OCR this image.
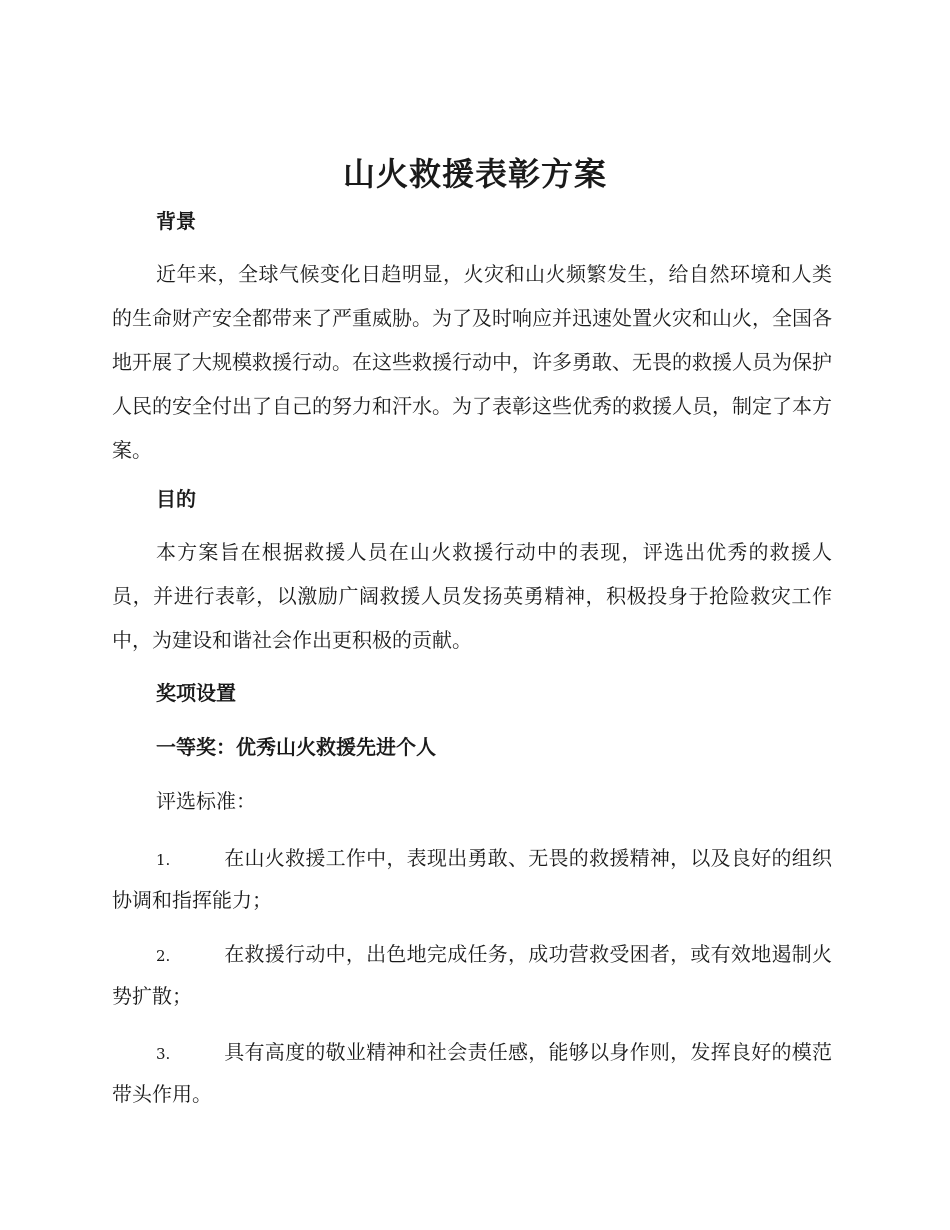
山火救援表彰方案
背景

近年来，全球气候变化日趋明显，火灾和山火频繁发生，给自然环境和人类的生命财产安全都带来了严重威胁。为了及时响应并迅速处置火灾和山火，全国各地开展了大规模救援行动。在这些救援行动中，许多勇敢、无畏的救援人员为保护人民的安全付出了自己的努力和汗水。为了表彰这些优秀的救援人员，制定了本方案。

目的

本方案旨在根据救援人员在山火救援行动中的表现，评选出优秀的救援人员，并进行表彰，以激励广阔救援人员发扬英勇精神，积极投身于抢险救灾工作中，为建设和谐社会作出更积极的贡献。

奖项设置
一等奖：优秀山火救援先进个人

评选标准：

1.	在山火救援工作中，表现出勇敢、无畏的救援精神，以及良好的组织协调和指挥能力；

2.	在救援行动中，出色地完成任务，成功营救受困者，或有效地遏制火势扩散；

3.	具有高度的敬业精神和社会责任感，能够以身作则，发挥良好的模范带头作用。
